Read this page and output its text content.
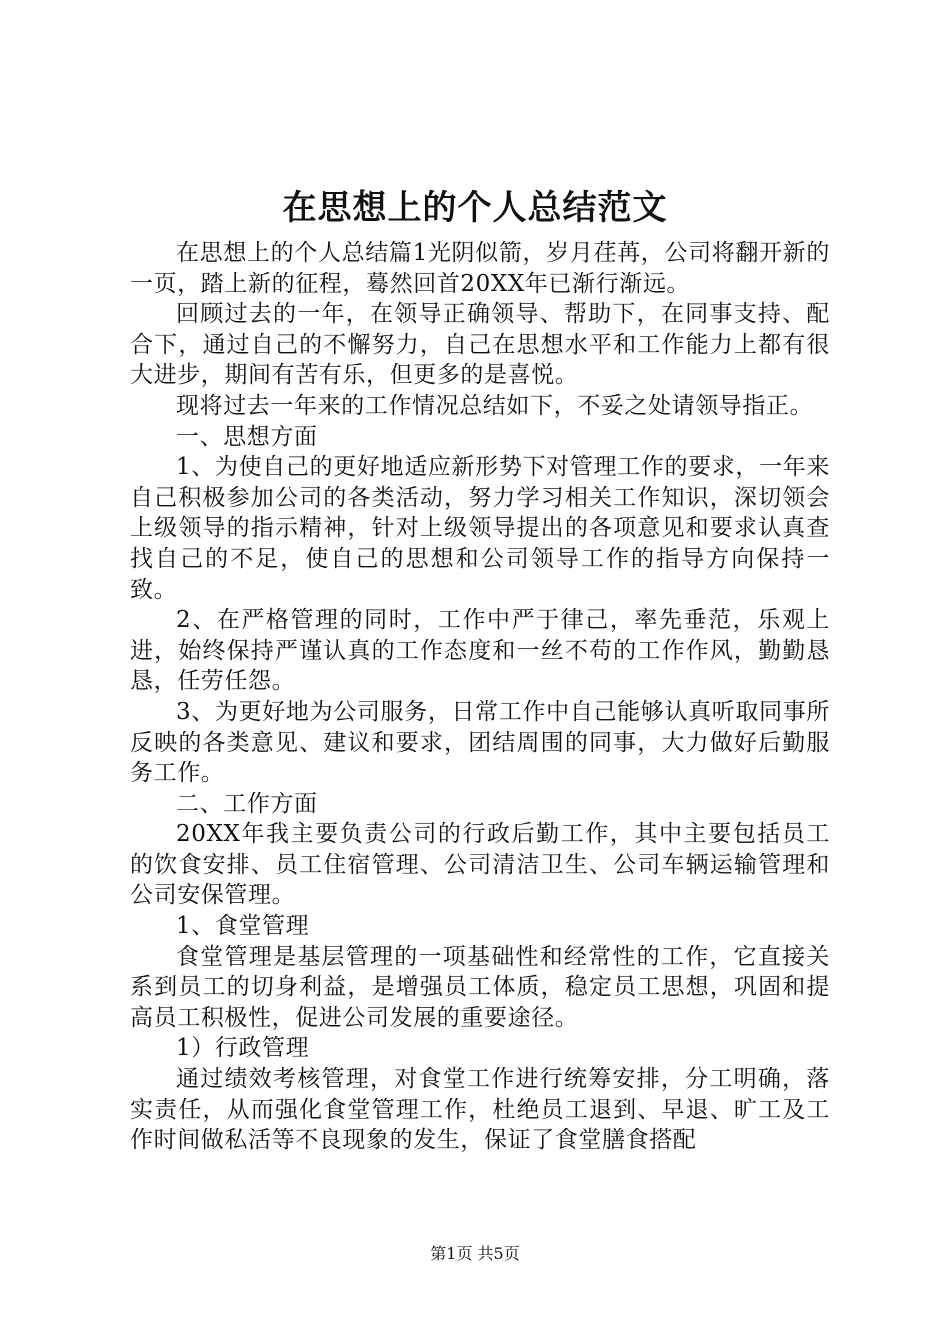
在思想上的个人总结范文

在思想上的个人总结篇1光阴似箭，岁月荏苒，公司将翻开新的一页，踏上新的征程，蓦然回首20XX年已渐行渐远。

回顾过去的一年，在领导正确领导、帮助下，在同事支持、配合下，通过自己的不懈努力，自己在思想水平和工作能力上都有很大进步，期间有苦有乐，但更多的是喜悦。

现将过去一年来的工作情况总结如下，不妥之处请领导指正。

一、思想方面

1、为使自己的更好地适应新形势下对管理工作的要求，一年来自己积极参加公司的各类活动，努力学习相关工作知识，深切领会上级领导的指示精神，针对上级领导提出的各项意见和要求认真查找自己的不足，使自己的思想和公司领导工作的指导方向保持一致。

2、在严格管理的同时，工作中严于律己，率先垂范，乐观上进，始终保持严谨认真的工作态度和一丝不苟的工作作风，勤勤恳恳，任劳任怨。

3、为更好地为公司服务，日常工作中自己能够认真听取同事所反映的各类意见、建议和要求，团结周围的同事，大力做好后勤服务工作。

二、工作方面

20XX年我主要负责公司的行政后勤工作，其中主要包括员工的饮食安排、员工住宿管理、公司清洁卫生、公司车辆运输管理和公司安保管理。

1、食堂管理

食堂管理是基层管理的一项基础性和经常性的工作，它直接关系到员工的切身利益，是增强员工体质，稳定员工思想，巩固和提高员工积极性，促进公司发展的重要途径。

1）行政管理

通过绩效考核管理，对食堂工作进行统筹安排，分工明确，落实责任，从而强化食堂管理工作，杜绝员工退到、早退、旷工及工作时间做私活等不良现象的发生，保证了食堂膳食搭配

第1页 共5页
